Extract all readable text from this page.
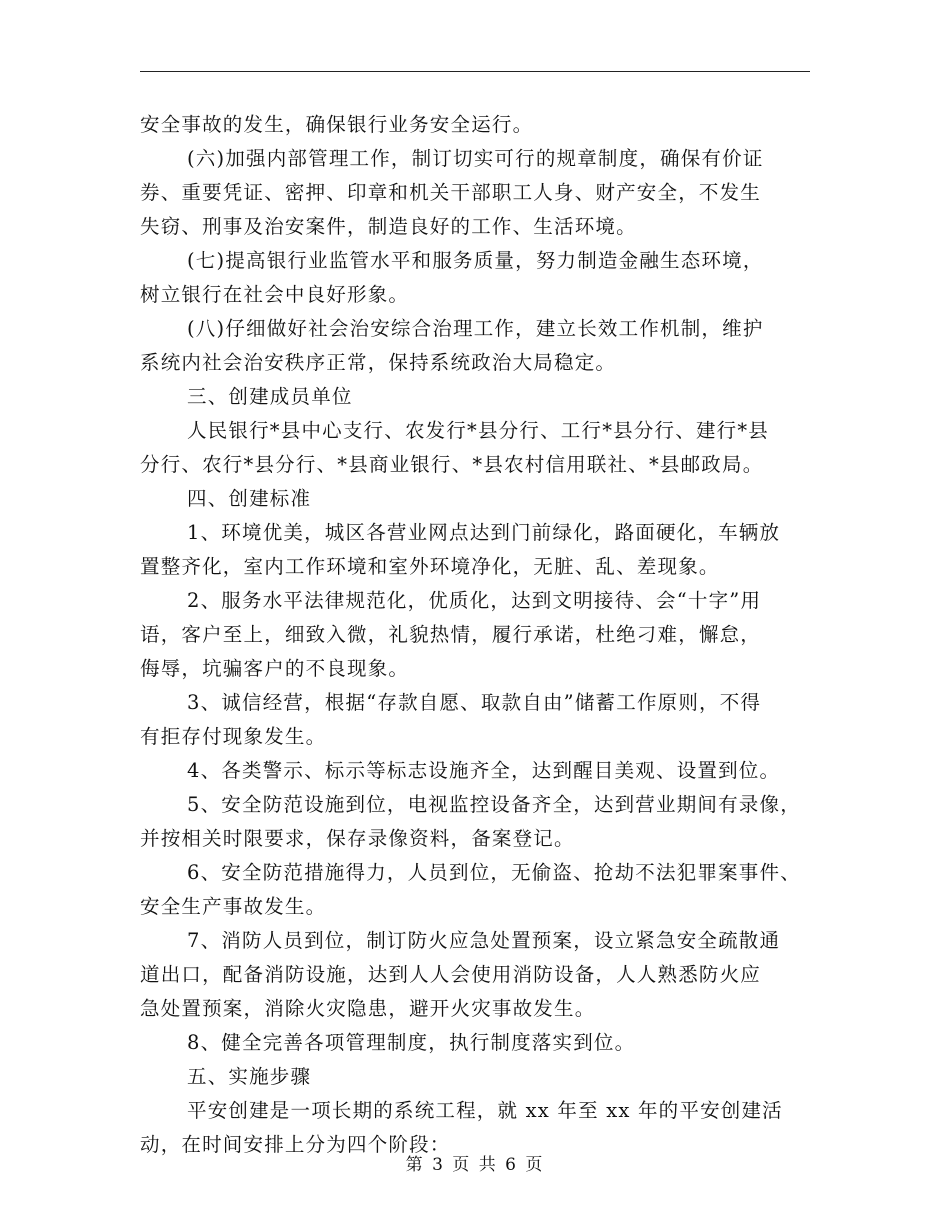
安全事故的发生，确保银行业务安全运行。
(六)加强内部管理工作，制订切实可行的规章制度，确保有价证
券、重要凭证、密押、印章和机关干部职工人身、财产安全，不发生
失窃、刑事及治安案件，制造良好的工作、生活环境。
(七)提高银行业监管水平和服务质量，努力制造金融生态环境，
树立银行在社会中良好形象。
(八)仔细做好社会治安综合治理工作，建立长效工作机制，维护
系统内社会治安秩序正常，保持系统政治大局稳定。
三、创建成员单位
人民银行*县中心支行、农发行*县分行、工行*县分行、建行*县
分行、农行*县分行、*县商业银行、*县农村信用联社、*县邮政局。
四、创建标准
1、环境优美，城区各营业网点达到门前绿化，路面硬化，车辆放
置整齐化，室内工作环境和室外环境净化，无脏、乱、差现象。
2、服务水平法律规范化，优质化，达到文明接待、会“十字”用
语，客户至上，细致入微，礼貌热情，履行承诺，杜绝刁难，懈怠，
侮辱，坑骗客户的不良现象。
3、诚信经营，根据“存款自愿、取款自由”储蓄工作原则，不得
有拒存付现象发生。
4、各类警示、标示等标志设施齐全，达到醒目美观、设置到位。
5、安全防范设施到位，电视监控设备齐全，达到营业期间有录像，
并按相关时限要求，保存录像资料，备案登记。
6、安全防范措施得力，人员到位，无偷盗、抢劫不法犯罪案事件、
安全生产事故发生。
7、消防人员到位，制订防火应急处置预案，设立紧急安全疏散通
道出口，配备消防设施，达到人人会使用消防设备，人人熟悉防火应
急处置预案，消除火灾隐患，避开火灾事故发生。
8、健全完善各项管理制度，执行制度落实到位。
五、实施步骤
平安创建是一项长期的系统工程，就 xx 年至 xx 年的平安创建活
动，在时间安排上分为四个阶段：
第 3 页 共 6 页
